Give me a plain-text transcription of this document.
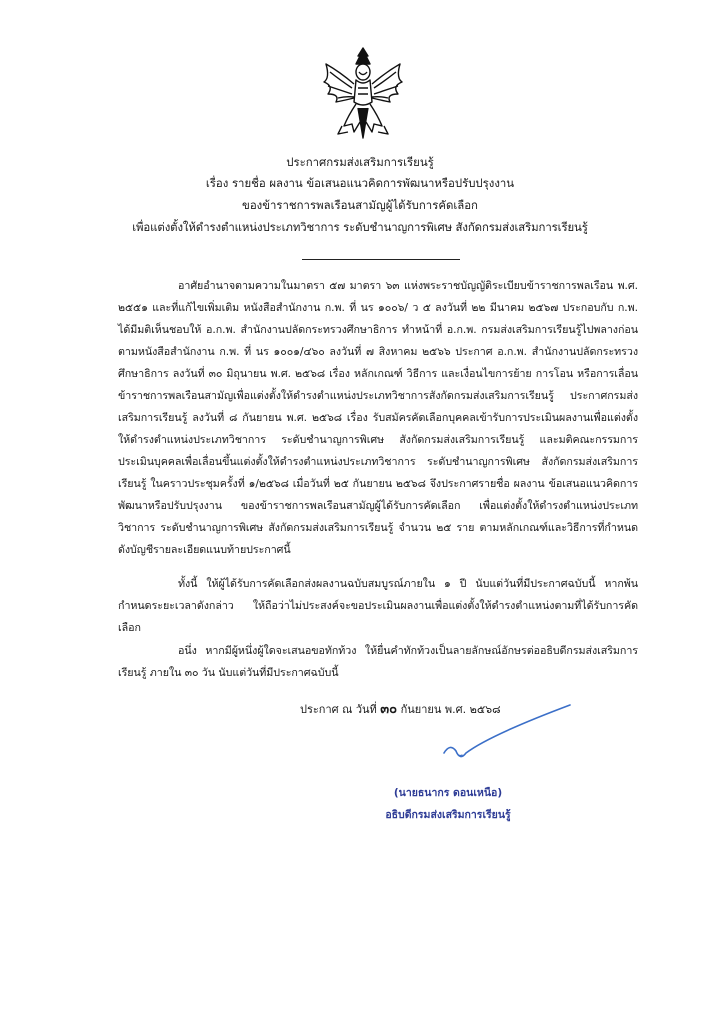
ประกาศกรมส่งเสริมการเรียนรู้
เรื่อง รายชื่อ ผลงาน ข้อเสนอแนวคิดการพัฒนาหรือปรับปรุงงาน
ของข้าราชการพลเรือนสามัญผู้ได้รับการคัดเลือก
เพื่อแต่งตั้งให้ดำรงตำแหน่งประเภทวิชาการ ระดับชำนาญการพิเศษ สังกัดกรมส่งเสริมการเรียนรู้
อาศัยอำนาจตามความในมาตรา ๕๗ มาตรา ๖๓ แห่งพระราชบัญญัติระเบียบข้าราชการพลเรือน พ.ศ. ๒๕๕๑ และที่แก้ไขเพิ่มเติม หนังสือสำนักงาน ก.พ. ที่ นร ๑๐๐๖/ ว ๕ ลงวันที่ ๒๒ มีนาคม ๒๕๖๗ ประกอบกับ ก.พ. ได้มีมติเห็นชอบให้ อ.ก.พ. สำนักงานปลัดกระทรวงศึกษาธิการ ทำหน้าที่ อ.ก.พ. กรมส่งเสริมการเรียนรู้ไปพลางก่อน ตามหนังสือสำนักงาน ก.พ. ที่ นร ๑๐๐๑/๔๖๐ ลงวันที่ ๗ สิงหาคม ๒๕๖๖ ประกาศ อ.ก.พ. สำนักงานปลัดกระทรวงศึกษาธิการ ลงวันที่ ๓๐ มิถุนายน พ.ศ. ๒๕๖๘ เรื่อง หลักเกณฑ์ วิธีการ และเงื่อนไขการย้าย การโอน หรือการเลื่อนข้าราชการพลเรือนสามัญเพื่อแต่งตั้งให้ดำรงตำแหน่งประเภทวิชาการสังกัดกรมส่งเสริมการเรียนรู้ ประกาศกรมส่งเสริมการเรียนรู้ ลงวันที่ ๘ กันยายน พ.ศ. ๒๕๖๘ เรื่อง รับสมัครคัดเลือกบุคคลเข้ารับการประเมินผลงานเพื่อแต่งตั้งให้ดำรงตำแหน่งประเภทวิชาการ ระดับชำนาญการพิเศษ สังกัดกรมส่งเสริมการเรียนรู้ และมติคณะกรรมการประเมินบุคคลเพื่อเลื่อนขึ้นแต่งตั้งให้ดำรงตำแหน่งประเภทวิชาการ ระดับชำนาญการพิเศษ สังกัดกรมส่งเสริมการเรียนรู้ ในคราวประชุมครั้งที่ ๑/๒๕๖๘ เมื่อวันที่ ๒๕ กันยายน ๒๕๖๘ จึงประกาศรายชื่อ ผลงาน ข้อเสนอแนวคิดการพัฒนาหรือปรับปรุงงาน ของข้าราชการพลเรือนสามัญผู้ได้รับการคัดเลือก เพื่อแต่งตั้งให้ดำรงตำแหน่งประเภทวิชาการ ระดับชำนาญการพิเศษ สังกัดกรมส่งเสริมการเรียนรู้ จำนวน ๒๕ ราย ตามหลักเกณฑ์และวิธีการที่กำหนด ดังบัญชีรายละเอียดแนบท้ายประกาศนี้
ทั้งนี้ ให้ผู้ได้รับการคัดเลือกส่งผลงานฉบับสมบูรณ์ภายใน ๑ ปี นับแต่วันที่มีประกาศฉบับนี้ หากพ้นกำหนดระยะเวลาดังกล่าว ให้ถือว่าไม่ประสงค์จะขอประเมินผลงานเพื่อแต่งตั้งให้ดำรงตำแหน่งตามที่ได้รับการคัดเลือก
อนึ่ง หากมีผู้หนึ่งผู้ใดจะเสนอขอทักท้วง ให้ยื่นคำทักท้วงเป็นลายลักษณ์อักษรต่ออธิบดีกรมส่งเสริมการเรียนรู้ ภายใน ๓๐ วัน นับแต่วันที่มีประกาศฉบับนี้
ประกาศ ณ วันที่ ๓๐ กันยายน พ.ศ. ๒๕๖๘
(นายธนากร ดอนเหนือ)
อธิบดีกรมส่งเสริมการเรียนรู้
